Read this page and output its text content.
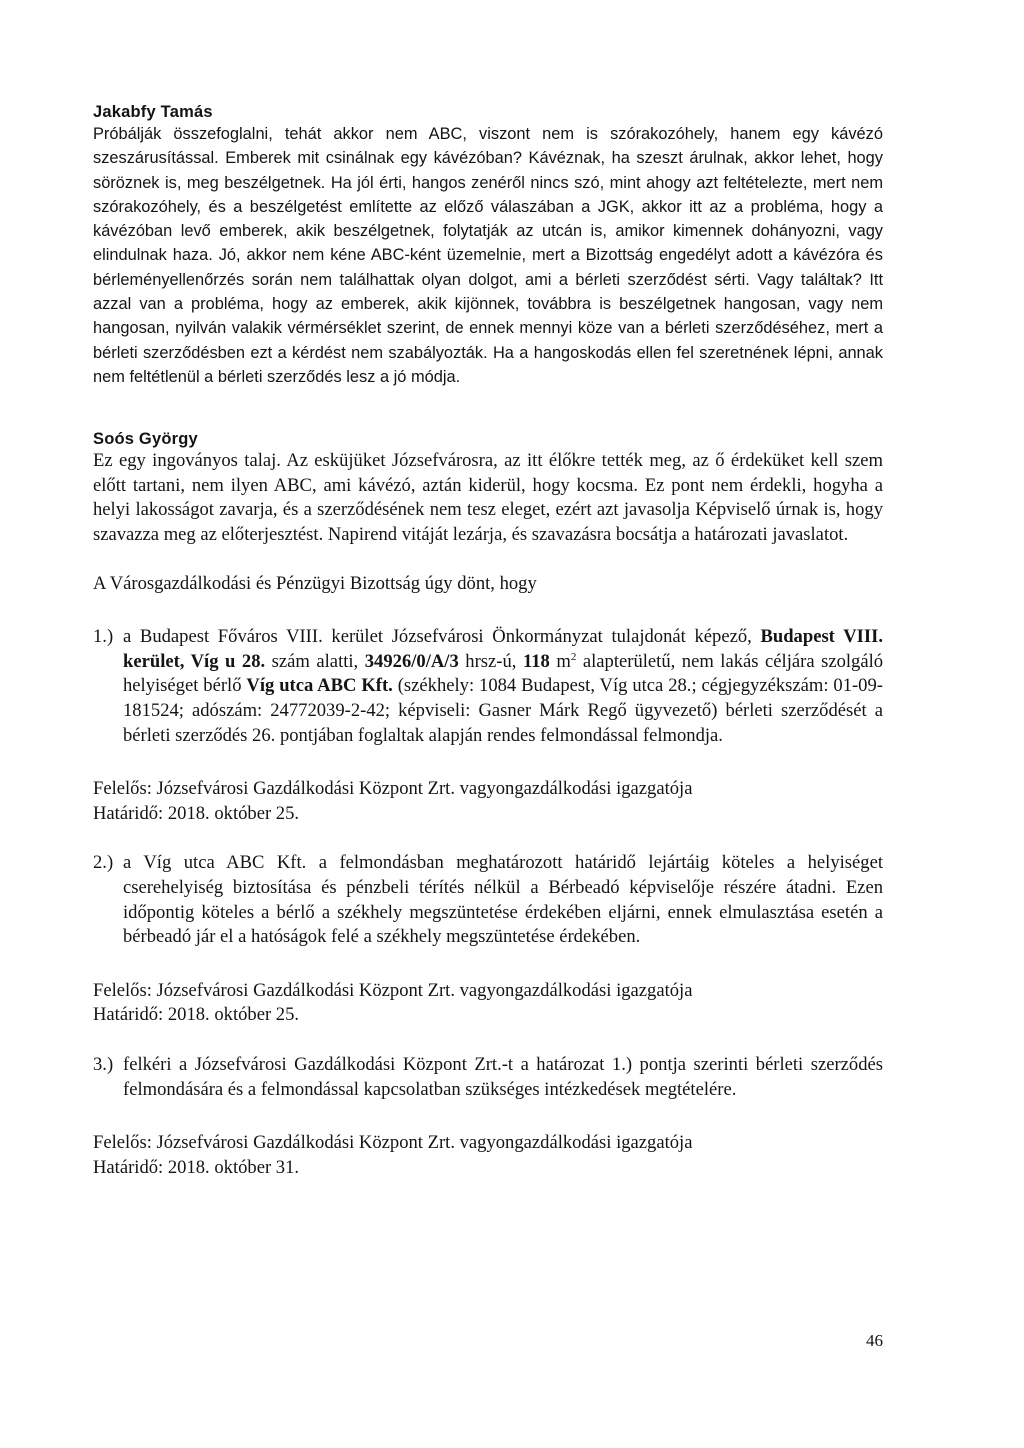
Jakabfy Tamás

Próbálják összefoglalni, tehát akkor nem ABC, viszont nem is szórakozóhely, hanem egy kávézó szeszárusítással. Emberek mit csinálnak egy kávézóban? Kávéznak, ha szeszt árulnak, akkor lehet, hogy söröznek is, meg beszélgetnek. Ha jól érti, hangos zenéről nincs szó, mint ahogy azt feltételezte, mert nem szórakozóhely, és a beszélgetést említette az előző válaszában a JGK, akkor itt az a probléma, hogy a kávézóban levő emberek, akik beszélgetnek, folytatják az utcán is, amikor kimennek dohányozni, vagy elindulnak haza. Jó, akkor nem kéne ABC-ként üzemelnie, mert a Bizottság engedélyt adott a kávézóra és bérleményellenőrzés során nem találhattak olyan dolgot, ami a bérleti szerződést sérti. Vagy találtak? Itt azzal van a probléma, hogy az emberek, akik kijönnek, továbbra is beszélgetnek hangosan, vagy nem hangosan, nyilván valakik vérmérséklet szerint, de ennek mennyi köze van a bérleti szerződéséhez, mert a bérleti szerződésben ezt a kérdést nem szabályozták. Ha a hangoskodás ellen fel szeretnének lépni, annak nem feltétlenül a bérleti szerződés lesz a jó módja.

Soós György

Ez egy ingoványos talaj. Az esküjüket Józsefvárosra, az itt élőkre tették meg, az ő érdeküket kell szem előtt tartani, nem ilyen ABC, ami kávézó, aztán kiderül, hogy kocsma. Ez pont nem érdekli, hogyha a helyi lakosságot zavarja, és a szerződésének nem tesz eleget, ezért azt javasolja Képviselő úrnak is, hogy szavazza meg az előterjesztést. Napirend vitáját lezárja, és szavazásra bocsátja a határozati javaslatot.

A Városgazdálkodási és Pénzügyi Bizottság úgy dönt, hogy

1.) a Budapest Főváros VIII. kerület Józsefvárosi Önkormányzat tulajdonát képező, Budapest VIII. kerület, Víg u 28. szám alatti, 34926/0/A/3 hrsz-ú, 118 $m^2$ alapterületű, nem lakás céljára szolgáló helyiséget bérlő Víg utca ABC Kft. (székhely: 1084 Budapest, Víg utca 28.; cégjegyzékszám: 01-09-181524; adószám: 24772039-2-42; képviseli: Gasner Márk Regő ügyvezető) bérleti szerződését a bérleti szerződés 26. pontjában foglaltak alapján rendes felmondással felmondja.

Felelős: Józsefvárosi Gazdálkodási Központ Zrt. vagyongazdálkodási igazgatója

Határidő: 2018. október 25.

2.) a Víg utca ABC Kft. a felmondásban meghatározott határidő lejártáig köteles a helyiséget cserehelyiség biztosítása és pénzbeli térítés nélkül a Bérbeadó képviselője részére átadni. Ezen időpontig köteles a bérlő a székhely megszüntetése érdekében eljárni, ennek elmulasztása esetén a bérbeadó jár el a hatóságok felé a székhely megszüntetése érdekében.

Felelős: Józsefvárosi Gazdálkodási Központ Zrt. vagyongazdálkodási igazgatója

Határidő: 2018. október 25.

3.) felkéri a Józsefvárosi Gazdálkodási Központ Zrt.-t a határozat 1.) pontja szerinti bérleti szerződés felmondására és a felmondással kapcsolatban szükséges intézkedések megtételére.

Felelős: Józsefvárosi Gazdálkodási Központ Zrt. vagyongazdálkodási igazgatója

Határidő: 2018. október 31.

46
